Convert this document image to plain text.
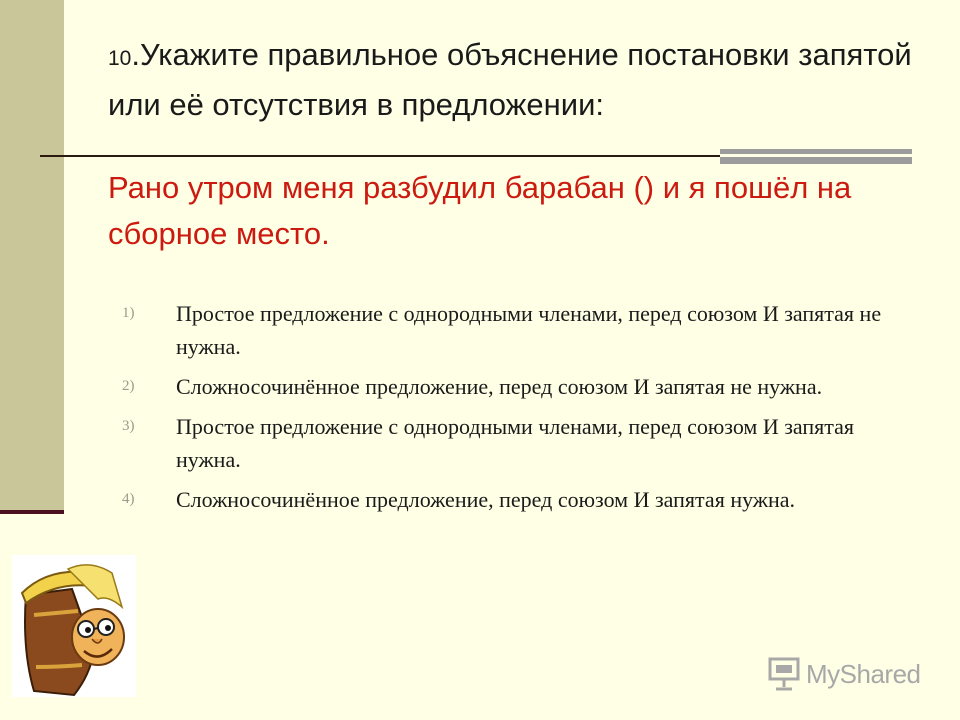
10.Укажите правильное объяснение постановки запятой или её отсутствия в предложении:
Рано утром меня разбудил барабан () и я пошёл на сборное место.
1)	Простое предложение с однородными членами, перед союзом И запятая не нужна.
2)	Сложносочинённое предложение, перед союзом И запятая не нужна.
3)	Простое предложение с однородными членами, перед союзом И запятая нужна.
4)	Сложносочинённое предложение, перед союзом И запятая нужна.
MyShared
